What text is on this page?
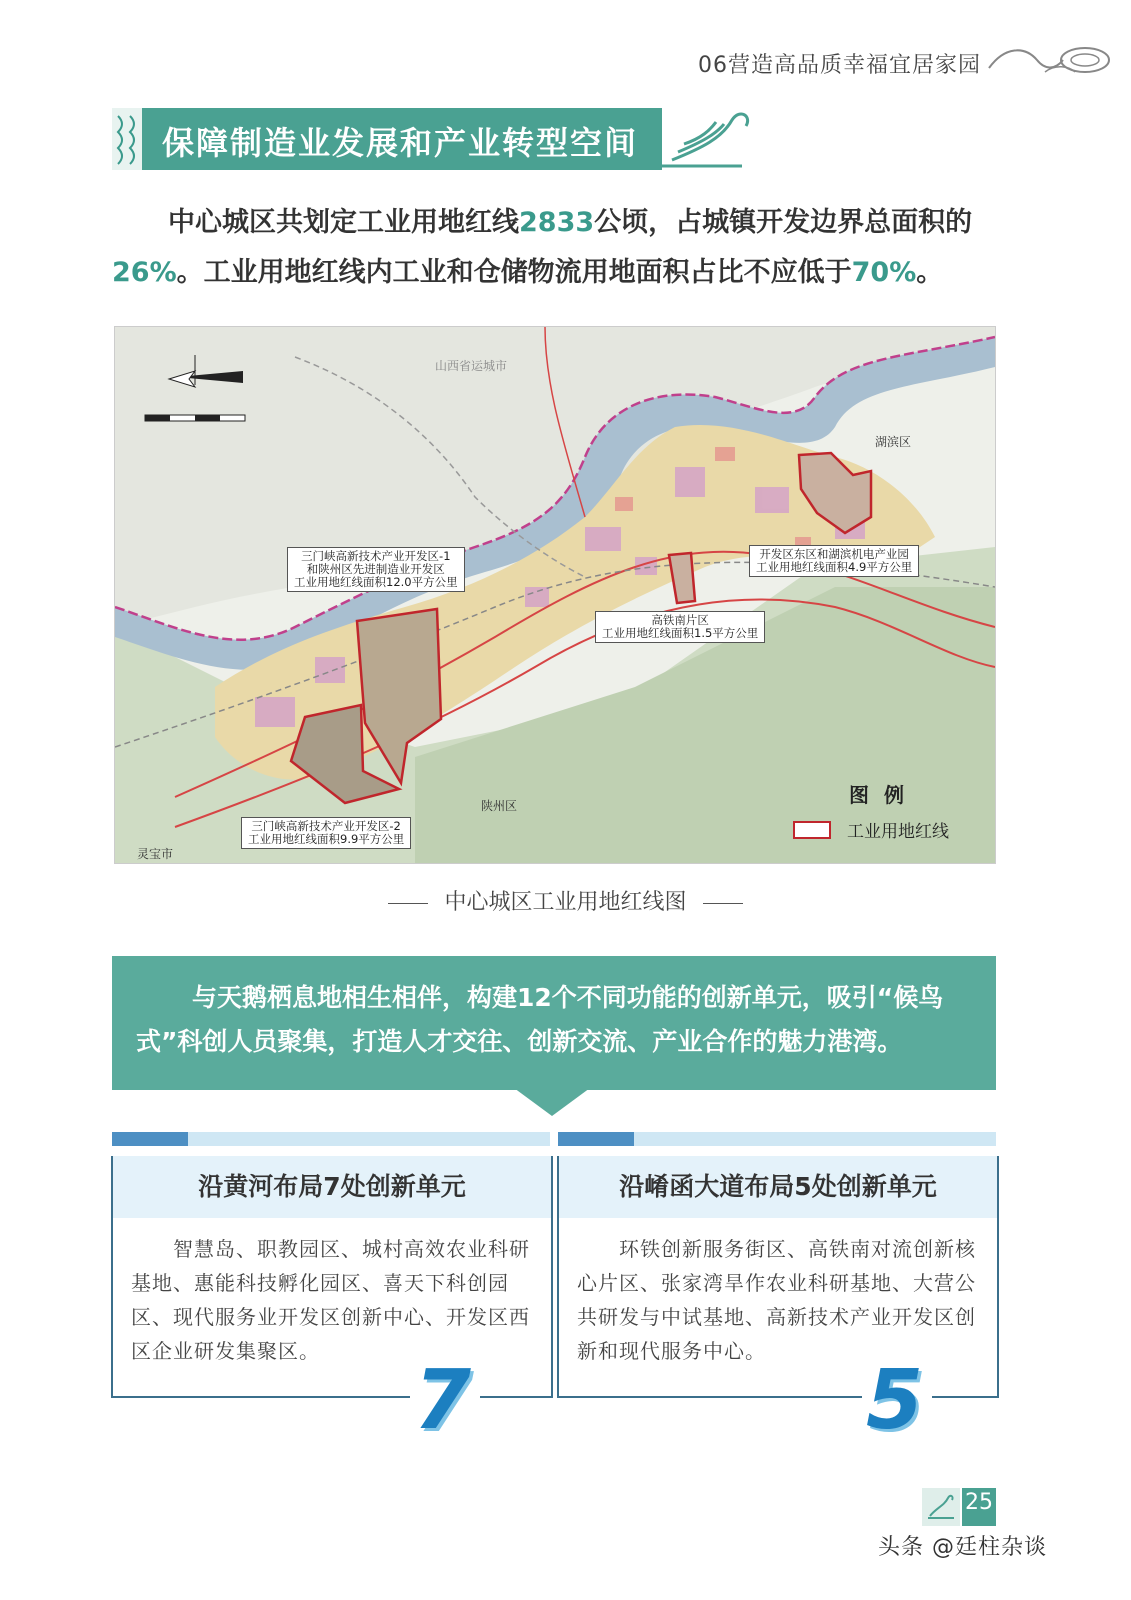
06营造高品质幸福宜居家园
保障制造业发展和产业转型空间
中心城区共划定工业用地红线2833公顷，占城镇开发边界总面积的26%。工业用地红线内工业和仓储物流用地面积占比不应低于70%。
山西省运城市
湖滨区
陕州区
灵宝市
三门峡高新技术产业开发区-1
和陕州区先进制造业开发区
工业用地红线面积12.0平方公里
开发区东区和湖滨机电产业园
工业用地红线面积4.9平方公里
高铁南片区
工业用地红线面积1.5平方公里
三门峡高新技术产业开发区-2
工业用地红线面积9.9平方公里
图 例
工业用地红线
中心城区工业用地红线图
与天鹅栖息地相生相伴，构建12个不同功能的创新单元，吸引“候鸟式”科创人员聚集，打造人才交往、创新交流、产业合作的魅力港湾。
沿黄河布局7处创新单元
智慧岛、职教园区、城村高效农业科研基地、惠能科技孵化园区、喜天下科创园区、现代服务业开发区创新中心、开发区西区企业研发集聚区。
7
沿崤函大道布局5处创新单元
环铁创新服务街区、高铁南对流创新核心片区、张家湾旱作农业科研基地、大营公共研发与中试基地、高新技术产业开发区创新和现代服务中心。
5
25
头条 @廷柱杂谈
